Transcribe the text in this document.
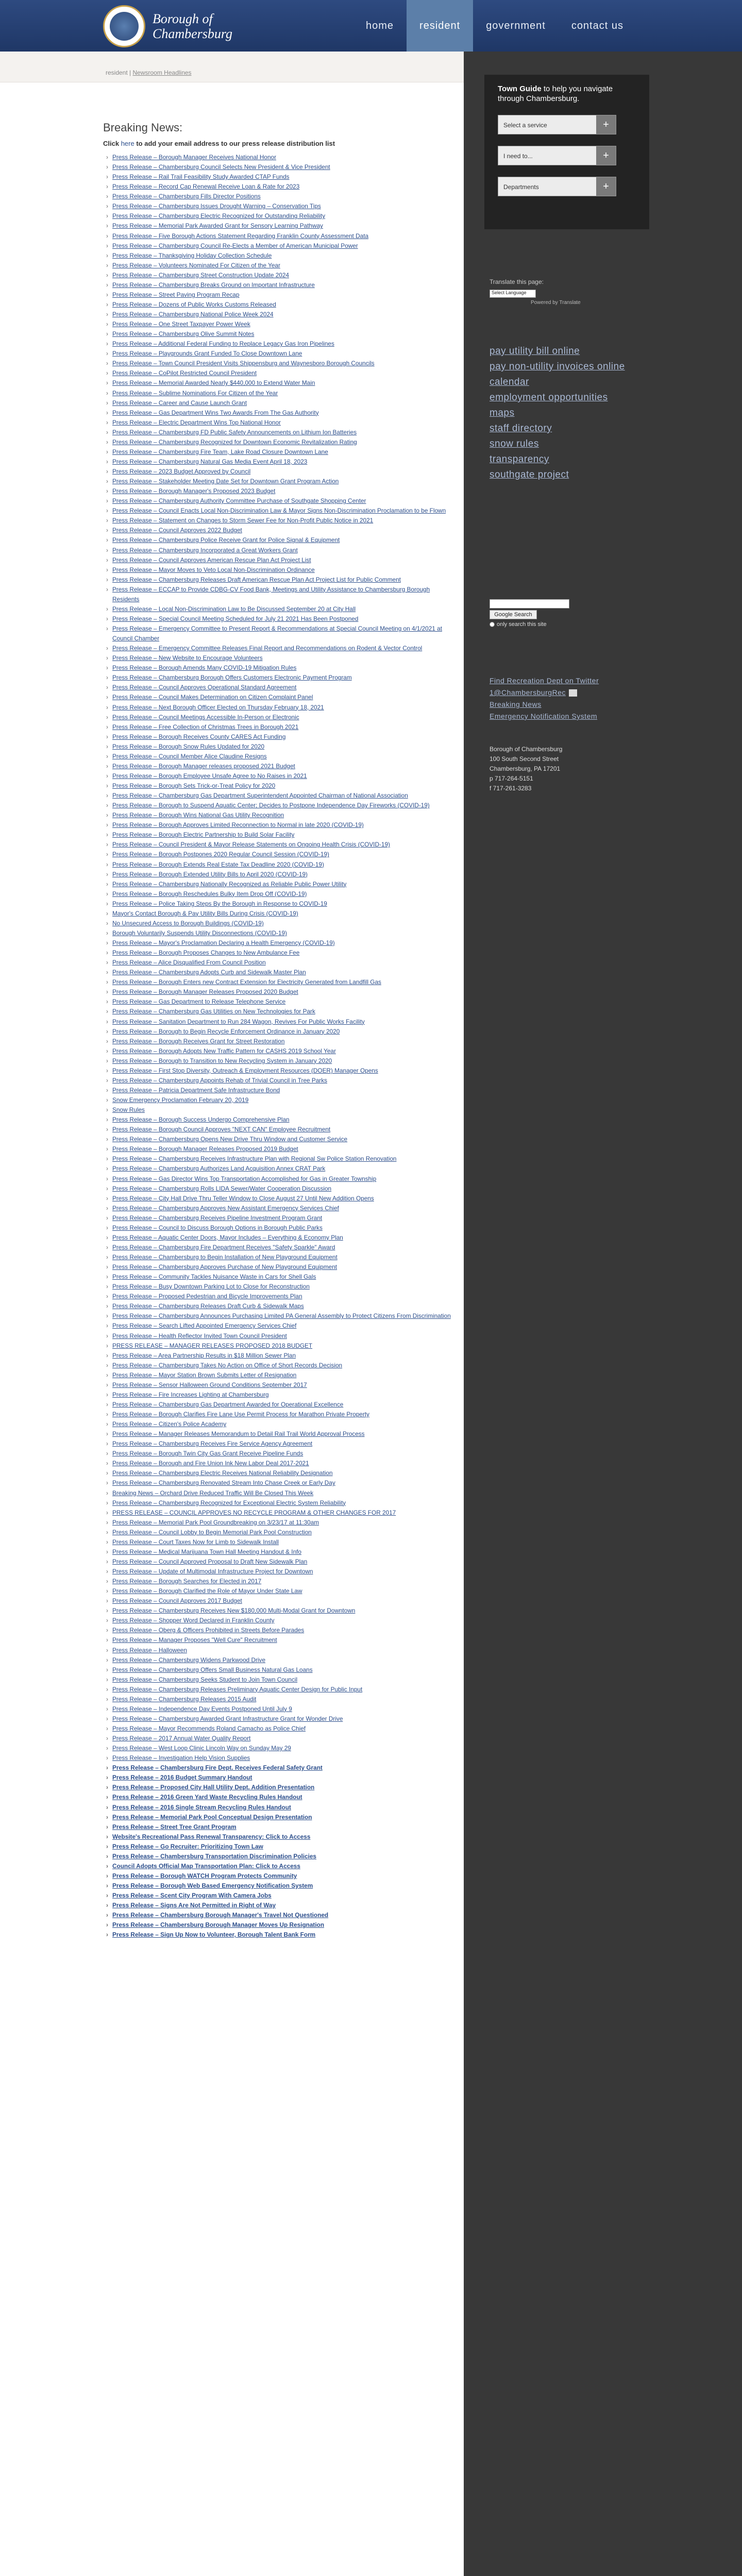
Borough of
Chambersburg
home	resident	government	contact us
resident | Newsroom Headlines
Breaking News:

Click here to add your email address to our press release distribution list

› Press Release – Borough Manager Receives National Honor
› Press Release – Chambersburg Council Selects New President & Vice President
› Press Release – Rail Trail Feasibility Study Awarded CTAP Funds
› Press Release – Record Cap Renewal Receive Loan & Rate for 2023
› Press Release – Chambersburg Fills Director Positions
› Press Release – Chambersburg Issues Drought Warning – Conservation Tips
› Press Release – Chambersburg Electric Recognized for Outstanding Reliability
› Press Release – Memorial Park Awarded Grant for Sensory Learning Pathway
› Press Release – Five Borough Actions Statement Regarding Franklin County Assessment Data
› Press Release – Chambersburg Council Re-Elects a Member of American Municipal Power
› Press Release – Thanksgiving Holiday Collection Schedule
› Press Release – Volunteers Nominated For Citizen of the Year
› Press Release – Chambersburg Street Construction Update 2024
› Press Release – Chambersburg Breaks Ground on Important Infrastructure
› Press Release – Street Paving Program Recap
› Press Release – Dozens of Public Works Customs Released
› Press Release – Chambersburg National Police Week 2024
› Press Release – One Street Taxpayer Power Week
› Press Release – Chambersburg Olive Summit Notes
› Press Release – Additional Federal Funding to Replace Legacy Gas Iron Pipelines
› Press Release – Playgrounds Grant Funded To Close Downtown Lane
› Press Release – Town Council President Visits Shippensburg and Waynesboro Borough Councils
› Press Release – CoPilot Restricted Council President
› Press Release – Memorial Awarded Nearly $440,000 to Extend Water Main
› Press Release – Sublime Nominations For Citizen of the Year
› Press Release – Career and Cause Launch Grant
› Press Release – Gas Department Wins Two Awards From The Gas Authority
› Press Release – Electric Department Wins Top National Honor
› Press Release – Chambersburg FD Public Safety Announcements on Lithium Ion Batteries
› Press Release – Chambersburg Recognized for Downtown Economic Revitalization Rating
› Press Release – Chambersburg Fire Team, Lake Road Closure Downtown Lane
› Press Release – Chambersburg Natural Gas Media Event April 18, 2023
› Press Release – 2023 Budget Approved by Council
› Press Release – Stakeholder Meeting Date Set for Downtown Grant Program Action
› Press Release – Borough Manager's Proposed 2023 Budget
› Press Release – Chambersburg Authority Committee Purchase of Southgate Shopping Center
› Press Release – Council Enacts Local Non-Discrimination Law & Mayor Signs Non-Discrimination Proclamation to be Flown
› Press Release – Statement on Changes to Storm Sewer Fee for Non-Profit Public Notice in 2021
› Press Release – Council Approves 2022 Budget
› Press Release – Chambersburg Police Receive Grant for Police Signal & Equipment
› Press Release – Chambersburg Incorporated a Great Workers Grant
› Press Release – Council Approves American Rescue Plan Act Project List
› Press Release – Mayor Moves to Veto Local Non-Discrimination Ordinance
› Press Release – Chambersburg Releases Draft American Rescue Plan Act Project List for Public Comment
› Press Release – ECCAP to Provide CDBG-CV Food Bank, Meetings and Utility Assistance to Chambersburg Borough Residents
› Press Release – Local Non-Discrimination Law to Be Discussed September 20 at City Hall
› Press Release – Special Council Meeting Scheduled for July 21 2021 Has Been Postponed
› Press Release – Emergency Committee to Present Report & Recommendations at Special Council Meeting on 4/1/2021 at Council Chamber
› Press Release – Emergency Committee Releases Final Report and Recommendations on Rodent & Vector Control
› Press Release – New Website to Encourage Volunteers
› Press Release – Borough Amends Many COVID-19 Mitigation Rules
› Press Release – Chambersburg Borough Offers Customers Electronic Payment Program
› Press Release – Council Approves Operational Standard Agreement
› Press Release – Council Makes Determination on Citizen Complaint Panel
› Press Release – Next Borough Officer Elected on Thursday February 18, 2021
› Press Release – Council Meetings Accessible In-Person or Electronic
› Press Release – Free Collection of Christmas Trees in Borough 2021
› Press Release – Borough Receives County CARES Act Funding
› Press Release – Borough Snow Rules Updated for 2020
› Press Release – Council Member Alice Claudine Resigns
› Press Release – Borough Manager releases proposed 2021 Budget
› Press Release – Borough Employee Unsafe Agree to No Raises in 2021
› Press Release – Borough Sets Trick-or-Treat Policy for 2020
› Press Release – Chambersburg Gas Department Superintendent Appointed Chairman of National Association
› Press Release – Borough to Suspend Aquatic Center; Decides to Postpone Independence Day Fireworks (COVID-19)
› Press Release – Borough Wins National Gas Utility Recognition
› Press Release – Borough Approves Limited Reconnection to Normal in late 2020 (COVID-19)
› Press Release – Borough Electric Partnership to Build Solar Facility
› Press Release – Council President & Mayor Release Statements on Ongoing Health Crisis (COVID-19)
› Press Release – Borough Postpones 2020 Regular Council Session (COVID-19)
› Press Release – Borough Extends Real Estate Tax Deadline 2020 (COVID-19)
› Press Release – Borough Extended Utility Bills to April 2020 (COVID-19)
› Press Release – Chambersburg Nationally Recognized as Reliable Public Power Utility
› Press Release – Borough Reschedules Bulky Item Drop Off (COVID-19)
› Press Release – Police Taking Steps By the Borough in Response to COVID-19
› Mayor's Contact Borough & Pay Utility Bills During Crisis (COVID-19)
› No Unsecured Access to Borough Buildings (COVID-19)
› Borough Voluntarily Suspends Utility Disconnections (COVID-19)
› Press Release – Mayor's Proclamation Declaring a Health Emergency (COVID-19)
› Press Release – Borough Proposes Changes to New Ambulance Fee
› Press Release – Alice Disqualified From Council Position
› Press Release – Chambersburg Adopts Curb and Sidewalk Master Plan
› Press Release – Borough Enters new Contract Extension for Electricity Generated from Landfill Gas
› Press Release – Borough Manager Releases Proposed 2020 Budget
› Press Release – Gas Department to Release Telephone Service
› Press Release – Chambersburg Gas Utilities on New Technologies for Park
› Press Release – Sanitation Department to Run 284 Wagon, Revives For Public Works Facility
› Press Release – Borough to Begin Recycle Enforcement Ordinance in January 2020
› Press Release – Borough Receives Grant for Street Restoration
› Press Release – Borough Adopts New Traffic Pattern for CASHS 2019 School Year
› Press Release – Borough to Transition to New Recycling System in January 2020
› Press Release – First Stop Diversity, Outreach & Employment Resources (DOER) Manager Opens
› Press Release – Chambersburg Appoints Rehab of Trivial Council in Tree Parks
› Press Release – Patricia Department Safe Infrastructure Bond
› Snow Emergency Proclamation February 20, 2019
› Snow Rules
› Press Release – Borough Success Undergo Comprehensive Plan
› Press Release – Borough Council Approves "NEXT CAN" Employee Recruitment
› Press Release – Chambersburg Opens New Drive Thru Window and Customer Service
› Press Release – Borough Manager Releases Proposed 2019 Budget
› Press Release – Chambersburg Receives Infrastructure Plan with Regional Sw Police Station Renovation
› Press Release – Chambersburg Authorizes Land Acquisition Annex CRAT Park
› Press Release – Gas Director Wins Top Transportation Accomplished for Gas in Greater Township
› Press Release – Chambersburg Rolls LIDA Sewer/Water Cooperation Discussion
› Press Release – City Hall Drive Thru Teller Window to Close August 27 Until New Addition Opens
› Press Release – Chambersburg Approves New Assistant Emergency Services Chief
› Press Release – Chambersburg Receives Pipeline Investment Program Grant
› Press Release – Council to Discuss Borough Options in Borough Public Parks
› Press Release – Aquatic Center Doors, Mayor Includes – Everything & Economy Plan
› Press Release – Chambersburg Fire Department Receives "Safety Sparkle" Award
› Press Release – Chambersburg to Begin Installation of New Playground Equipment
› Press Release – Chambersburg Approves Purchase of New Playground Equipment
› Press Release – Community Tackles Nuisance Waste in Cars for Shell Gals
› Press Release – Busy Downtown Parking Lot to Close for Reconstruction
› Press Release – Proposed Pedestrian and Bicycle Improvements Plan
› Press Release – Chambersburg Releases Draft Curb & Sidewalk Maps
› Press Release – Chambersburg Announces Purchasing Limited PA General Assembly to Protect Citizens From Discrimination
› Press Release – Search Lifted Appointed Emergency Services Chief
› Press Release – Health Reflector Invited Town Council President
› PRESS RELEASE – MANAGER RELEASES PROPOSED 2018 BUDGET
› Press Release – Area Partnership Results in $18 Million Sewer Plan
› Press Release – Chambersburg Takes No Action on Office of Short Records Decision
› Press Release – Mayor Station Brown Submits Letter of Resignation
› Press Release – Sensor Halloween Ground Conditions September 2017
› Press Release – Fire Increases Lighting at Chambersburg
› Press Release – Chambersburg Gas Department Awarded for Operational Excellence
› Press Release – Borough Clarifies Fire Lane Use Permit Process for Marathon Private Property
› Press Release – Citizen's Police Academy
› Press Release – Manager Releases Memorandum to Detail Rail Trail World Approval Process
› Press Release – Chambersburg Receives Fire Service Agency Agreement
› Press Release – Borough Twin City Gas Grant Receive Pipeline Funds
› Press Release – Borough and Fire Union Ink New Labor Deal 2017-2021
› Press Release – Chambersburg Electric Receives National Reliability Designation
› Press Release – Chambersburg Renovated Stream Into Chase Creek or Early Day
› Breaking News – Orchard Drive Reduced Traffic Will Be Closed This Week
› Press Release – Chambersburg Recognized for Exceptional Electric System Reliability
› PRESS RELEASE – COUNCIL APPROVES NO RECYCLE PROGRAM & OTHER CHANGES FOR 2017
› Press Release – Memorial Park Pool Groundbreaking on 3/23/17 at 11:30am
› Press Release – Council Lobby to Begin Memorial Park Pool Construction
› Press Release – Court Taxes Now for Limb to Sidewalk Install
› Press Release – Medical Marijuana Town Hall Meeting Handout & Info
› Press Release – Council Approved Proposal to Draft New Sidewalk Plan
› Press Release – Update of Multimodal Infrastructure Project for Downtown
› Press Release – Borough Searches for Elected in 2017
› Press Release – Borough Clarified the Role of Mayor Under State Law
› Press Release – Council Approves 2017 Budget
› Press Release – Chambersburg Receives New $180,000 Multi-Modal Grant for Downtown
› Press Release – Shopper Word Declared in Franklin County
› Press Release – Oberg & Officers Prohibited in Streets Before Parades
› Press Release – Manager Proposes "Well Cure" Recruitment
› Press Release – Halloween
› Press Release – Chambersburg Widens Parkwood Drive
› Press Release – Chambersburg Offers Small Business Natural Gas Loans
› Press Release – Chambersburg Seeks Student to Join Town Council
› Press Release – Chambersburg Releases Preliminary Aquatic Center Design for Public Input
› Press Release – Chambersburg Releases 2015 Audit
› Press Release – Independence Day Events Postponed Until July 9
› Press Release – Chambersburg Awarded Grant Infrastructure Grant for Wonder Drive
› Press Release – Mayor Recommends Roland Camacho as Police Chief
› Press Release – 2017 Annual Water Quality Report
› Press Release – West Loop Clinic Lincoln Way on Sunday May 29
› Press Release – Investigation Help Vision Supplies
› Press Release – Chambersburg Fire Dept. Receives Federal Safety Grant
› Press Release – 2016 Budget Summary Handout
› Press Release – Proposed City Hall Utility Dept. Addition Presentation
› Press Release – 2016 Green Yard Waste Recycling Rules Handout
› Press Release – 2016 Single Stream Recycling Rules Handout
› Press Release – Memorial Park Pool Conceptual Design Presentation
› Press Release – Street Tree Grant Program
› Website's Recreational Pass Renewal Transparency: Click to Access
› Press Release – Go Recruiter: Prioritizing Town Law
› Press Release – Chambersburg Transportation Discrimination Policies
› Council Adopts Official Map Transportation Plan: Click to Access
› Press Release – Borough WATCH Program Protects Community
› Press Release – Borough Web Based Emergency Notification System
› Press Release – Scent City Program With Camera Jobs
› Press Release – Signs Are Not Permitted in Right of Way
› Press Release – Chambersburg Borough Manager's Travel Not Questioned
› Press Release – Chambersburg Borough Manager Moves Up Resignation
› Press Release – Sign Up Now to Volunteer, Borough Talent Bank Form
Town Guide to help you navigate through Chambersburg.
Select a service	+
I need to...	+
Departments	+
Translate this page:
Select Language
Powered by Translate
pay utility bill online
pay non-utility invoices online
calendar
employment opportunities
maps
staff directory
snow rules
transparency
southgate project
Google Search
only search this site
Find Recreation Dept on Twitter
1@ChambersburgRec
Breaking News
Emergency Notification System
Borough of Chambersburg
100 South Second Street
Chambersburg, PA 17201
p 717-264-5151
f 717-261-3283
